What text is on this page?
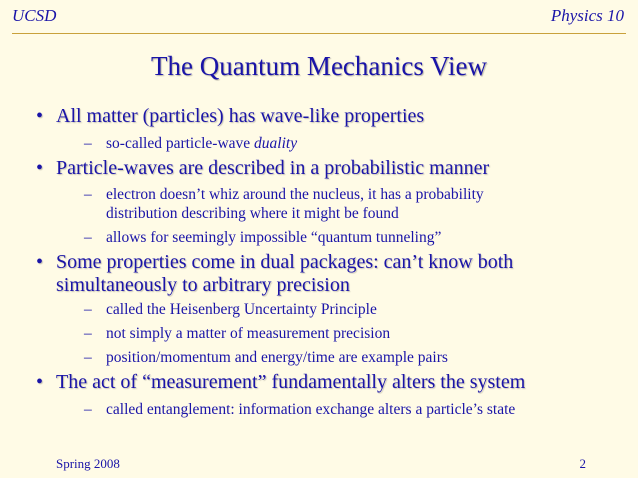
UCSD	Physics 10
The Quantum Mechanics View
• All matter (particles) has wave-like properties
– so-called particle-wave duality
• Particle-waves are described in a probabilistic manner
– electron doesn’t whiz around the nucleus, it has a probability
distribution describing where it might be found
– allows for seemingly impossible “quantum tunneling”
• Some properties come in dual packages: can’t know both
simultaneously to arbitrary precision
– called the Heisenberg Uncertainty Principle
– not simply a matter of measurement precision
– position/momentum and energy/time are example pairs
• The act of “measurement” fundamentally alters the system
– called entanglement: information exchange alters a particle’s state
Spring 2008	2
